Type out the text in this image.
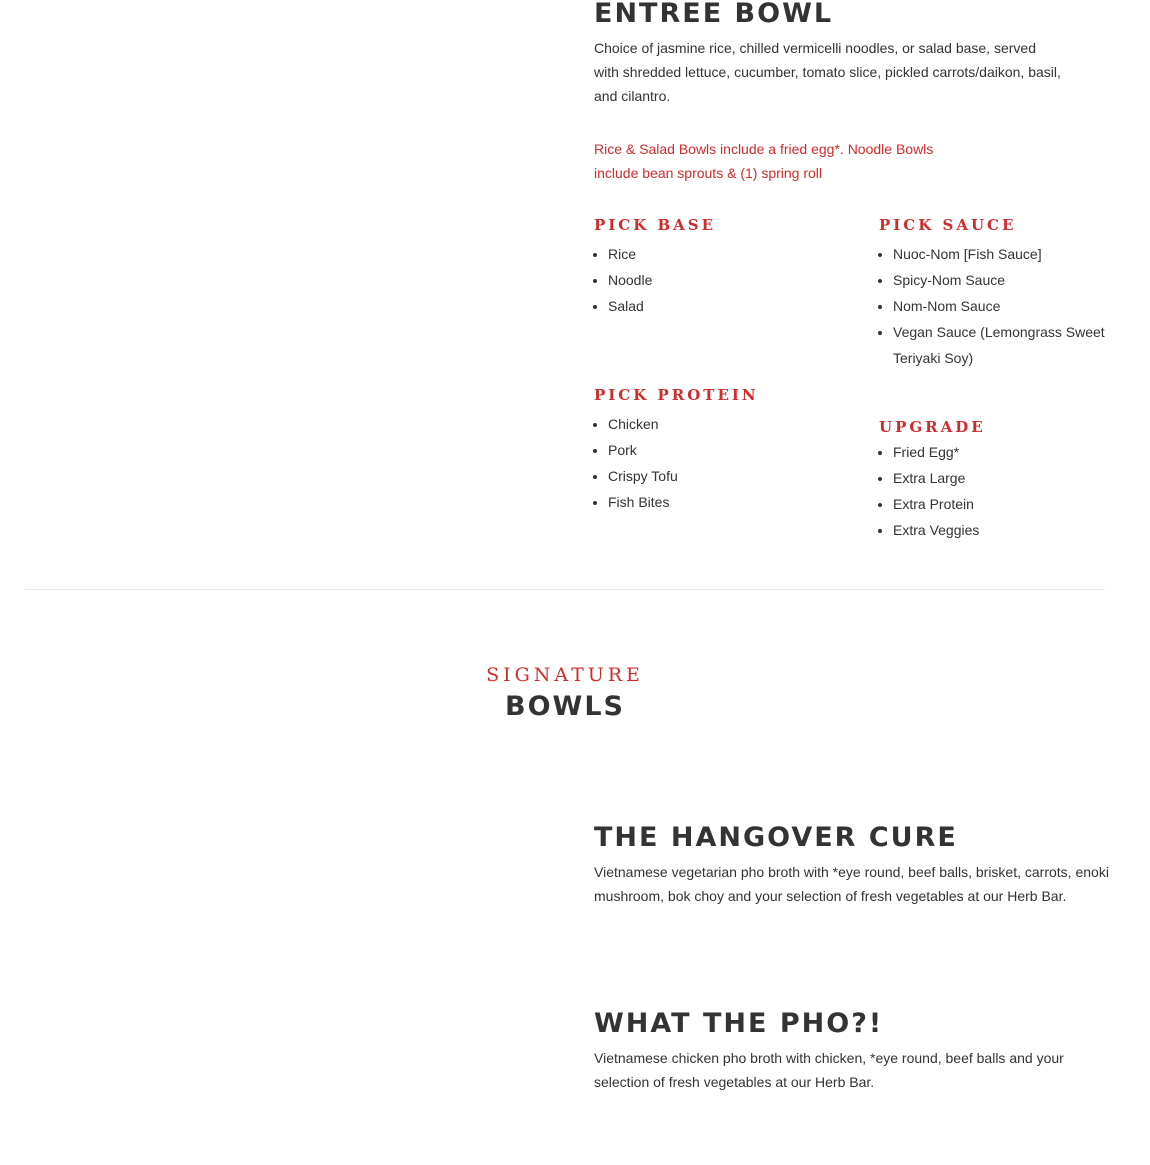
ENTREE BOWL

Choice of jasmine rice, chilled vermicelli noodles, or salad base, served with shredded lettuce, cucumber, tomato slice, pickled carrots/daikon, basil, and cilantro.

Rice & Salad Bowls include a fried egg*. Noodle Bowls include bean sprouts & (1) spring roll

PICK BASE
• Rice
• Noodle
• Salad
PICK SAUCE
• Nuoc-Nom [Fish Sauce]
• Spicy-Nom Sauce
• Nom-Nom Sauce
• Vegan Sauce (Lemongrass Sweet Teriyaki Soy)
PICK PROTEIN
• Chicken
• Pork
• Crispy Tofu
• Fish Bites
UPGRADE
• Fried Egg*
• Extra Large
• Extra Protein
• Extra Veggies
SIGNATURE
BOWLS
THE HANGOVER CURE

Vietnamese vegetarian pho broth with *eye round, beef balls, brisket, carrots, enoki mushroom, bok choy and your selection of fresh vegetables at our Herb Bar.

WHAT THE PHO?!

Vietnamese chicken pho broth with chicken, *eye round, beef balls and your selection of fresh vegetables at our Herb Bar.
